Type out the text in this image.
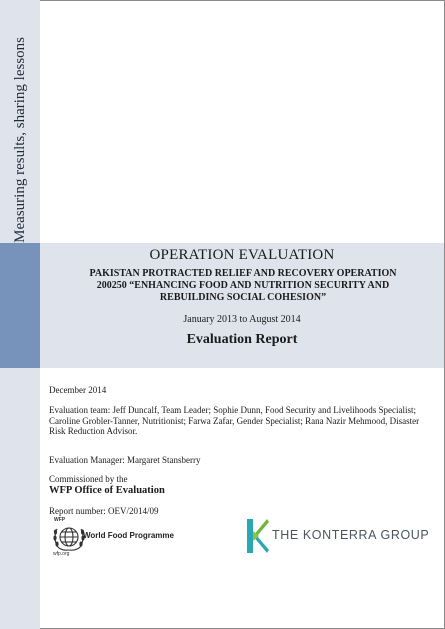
Measuring results, sharing lessons
OPERATION EVALUATION
PAKISTAN PROTRACTED RELIEF AND RECOVERY OPERATION
200250 “ENHANCING FOOD AND NUTRITION SECURITY AND
REBUILDING SOCIAL COHESION”
January 2013 to August 2014
Evaluation Report
December 2014
Evaluation team: Jeff Duncalf, Team Leader; Sophie Dunn, Food Security and Livelihoods Specialist; Caroline Grobler-Tanner, Nutritionist; Farwa Zafar, Gender Specialist; Rana Nazir Mehmood, Disaster Risk Reduction Advisor.
Evaluation Manager: Margaret Stansberry
Commissioned by the
WFP Office of Evaluation
Report number: OEV/2014/09
WFP
World Food Programme
wfp.org
THE KONTERRA GROUP
